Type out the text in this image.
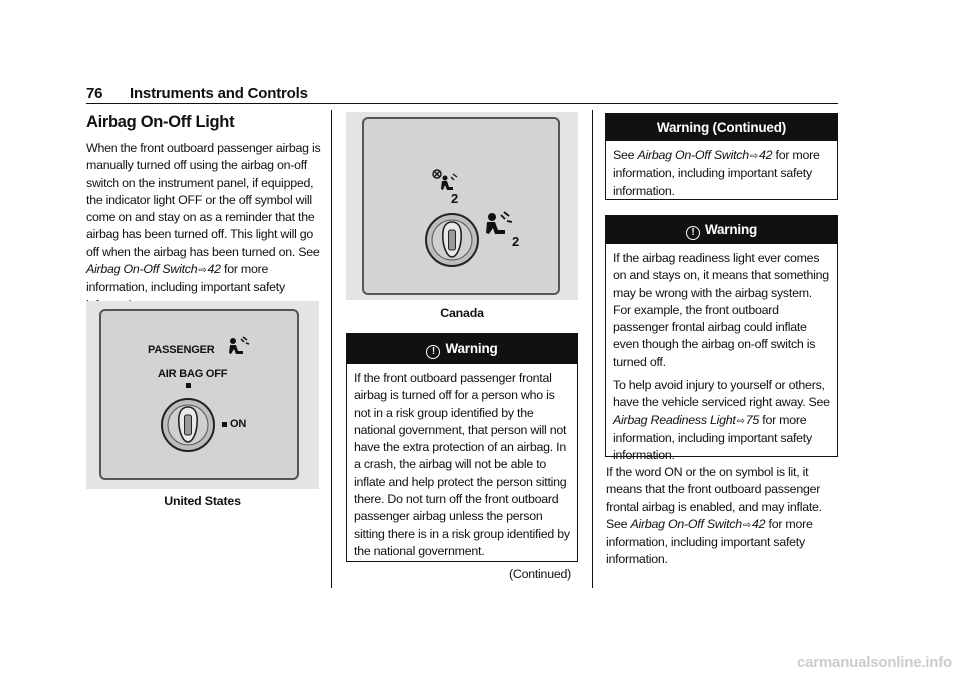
76 Instruments and Controls
Airbag On-Off Light
When the front outboard passenger airbag is manually turned off using the airbag on-off switch on the instrument panel, if equipped, the indicator light OFF or the off symbol will come on and stay on as a reminder that the airbag has been turned off. This light will go off when the airbag has been turned on. See Airbag On-Off Switch⇨42 for more information, including important safety
PASSENGER
AIR BAG OFF
ON
United States
2
2
Canada
! Warning

If the front outboard passenger frontal airbag is turned off for a person who is not in a risk group identified by the national government, that person will not have the extra protection of an airbag. In a crash, the airbag will not be able to inflate and help protect the person sitting there. Do not turn off the front outboard passenger airbag unless the person sitting there is in a risk group identified by the national government.

(Continued)

Warning (Continued)

See Airbag On-Off Switch⇨42 for more information, including important safety information.

! Warning

If the airbag readiness light ever comes on and stays on, it means that something may be wrong with the airbag system. For example, the front outboard passenger frontal airbag could inflate even though the airbag on-off switch is turned off.

To help avoid injury to yourself or others, have the vehicle serviced right away. See Airbag Readiness Light⇨75 for more information, including important safety information.

If the word ON or the on symbol is lit, it means that the front outboard passenger frontal airbag is enabled, and may inflate. See Airbag On-Off Switch⇨42 for more information, including important safety information.
carmanualsonline.info
